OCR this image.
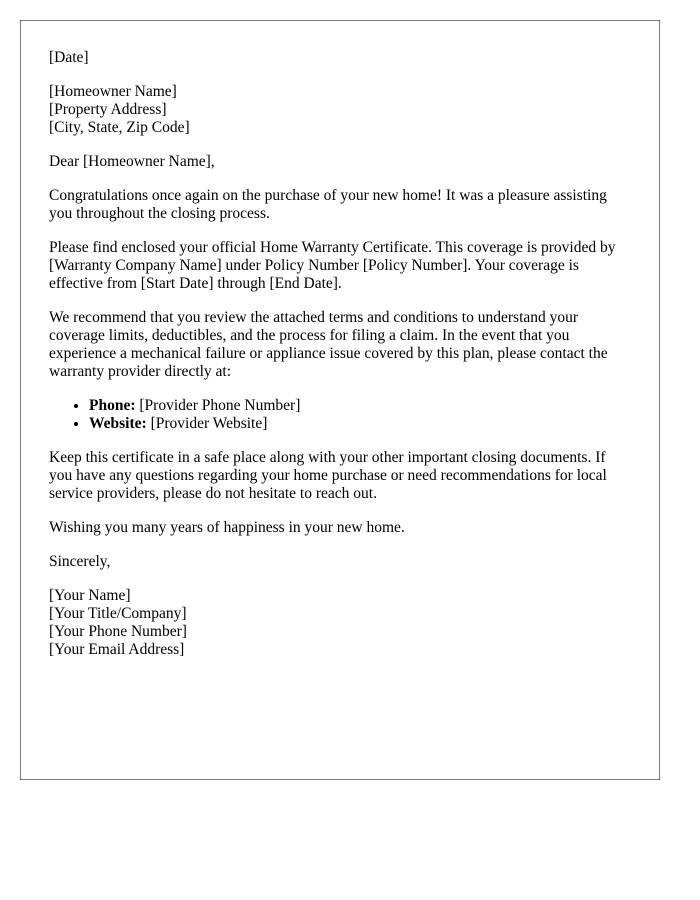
[Date]

[Homeowner Name]
[Property Address]
[City, State, Zip Code]

Dear [Homeowner Name],

Congratulations once again on the purchase of your new home! It was a pleasure assisting you throughout the closing process.

Please find enclosed your official Home Warranty Certificate. This coverage is provided by [Warranty Company Name] under Policy Number [Policy Number]. Your coverage is effective from [Start Date] through [End Date].

We recommend that you review the attached terms and conditions to understand your coverage limits, deductibles, and the process for filing a claim. In the event that you experience a mechanical failure or appliance issue covered by this plan, please contact the warranty provider directly at:

• Phone: [Provider Phone Number]
• Website: [Provider Website]

Keep this certificate in a safe place along with your other important closing documents. If you have any questions regarding your home purchase or need recommendations for local service providers, please do not hesitate to reach out.

Wishing you many years of happiness in your new home.

Sincerely,

[Your Name]
[Your Title/Company]
[Your Phone Number]
[Your Email Address]
